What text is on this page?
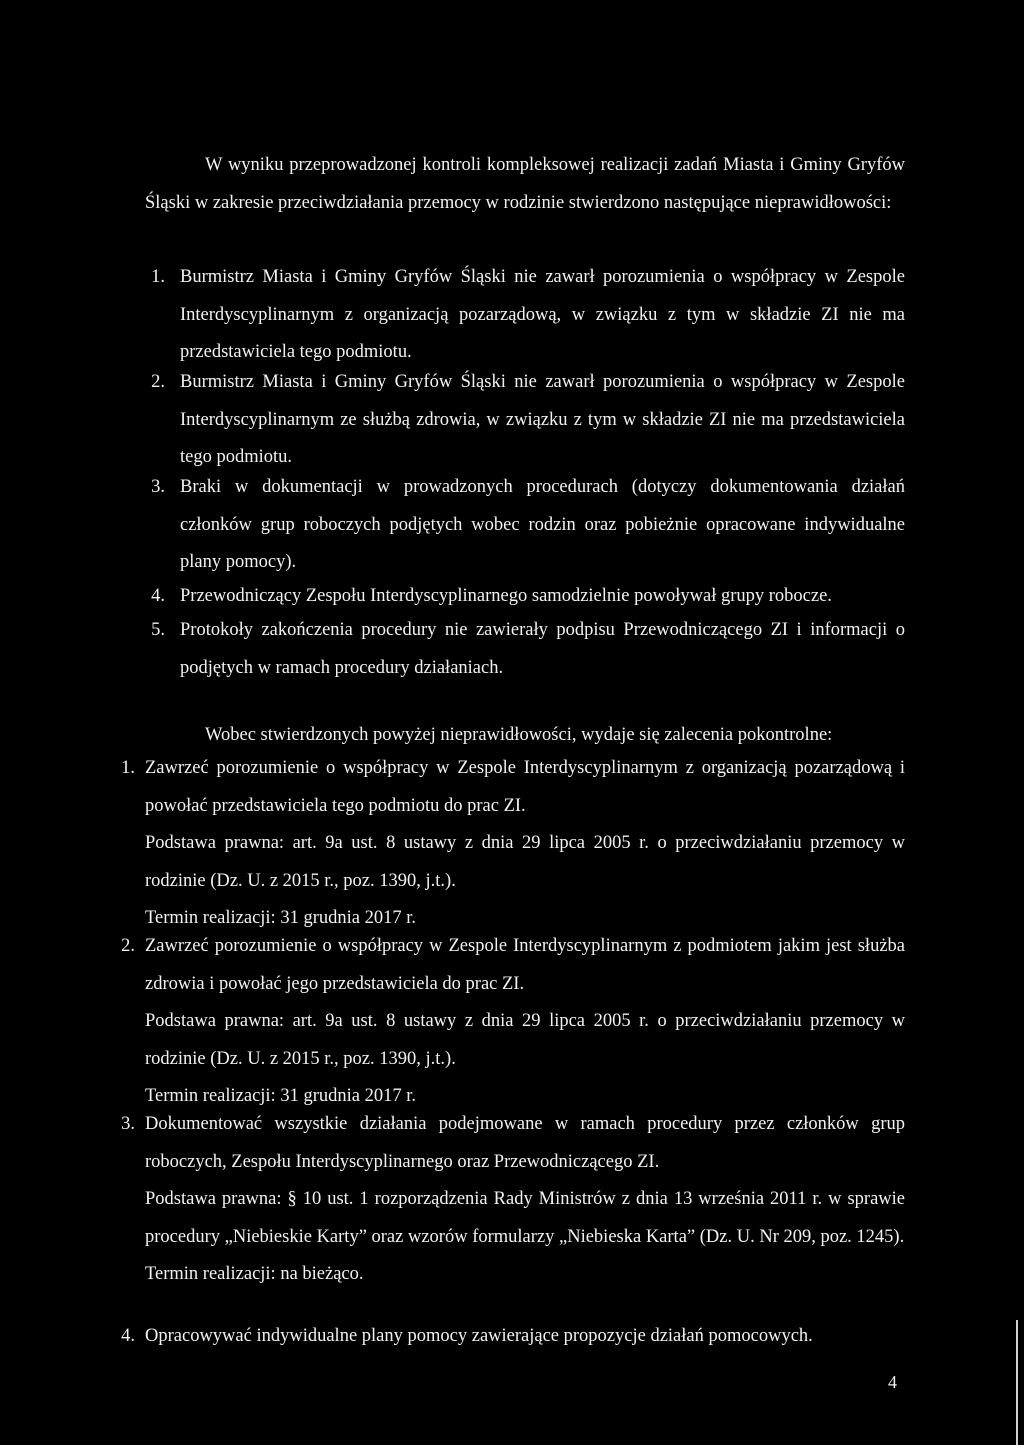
W wyniku przeprowadzonej kontroli kompleksowej realizacji zadań Miasta i Gminy Gryfów Śląski w zakresie przeciwdziałania przemocy w rodzinie stwierdzono następujące nieprawidłowości:

1. Burmistrz Miasta i Gminy Gryfów Śląski nie zawarł porozumienia o współpracy w Zespole Interdyscyplinarnym z organizacją pozarządową, w związku z tym w składzie ZI nie ma przedstawiciela tego podmiotu.
2. Burmistrz Miasta i Gminy Gryfów Śląski nie zawarł porozumienia o współpracy w Zespole Interdyscyplinarnym ze służbą zdrowia, w związku z tym w składzie ZI nie ma przedstawiciela tego podmiotu.
3. Braki w dokumentacji w prowadzonych procedurach (dotyczy dokumentowania działań członków grup roboczych podjętych wobec rodzin oraz pobieżnie opracowane indywidualne plany pomocy).
4. Przewodniczący Zespołu Interdyscyplinarnego samodzielnie powoływał grupy robocze.
5. Protokoły zakończenia procedury nie zawierały podpisu Przewodniczącego ZI i informacji o podjętych w ramach procedury działaniach.
Wobec stwierdzonych powyżej nieprawidłowości, wydaje się zalecenia pokontrolne:
1. Zawrzeć porozumienie o współpracy w Zespole Interdyscyplinarnym z organizacją pozarządową i powołać przedstawiciela tego podmiotu do prac ZI.
Podstawa prawna: art. 9a ust. 8 ustawy z dnia 29 lipca 2005 r. o przeciwdziałaniu przemocy w rodzinie (Dz. U. z 2015 r., poz. 1390, j.t.).
Termin realizacji: 31 grudnia 2017 r.
2. Zawrzeć porozumienie o współpracy w Zespole Interdyscyplinarnym z podmiotem jakim jest służba zdrowia i powołać jego przedstawiciela do prac ZI.
Podstawa prawna: art. 9a ust. 8 ustawy z dnia 29 lipca 2005 r. o przeciwdziałaniu przemocy w rodzinie (Dz. U. z 2015 r., poz. 1390, j.t.).
Termin realizacji: 31 grudnia 2017 r.
3. Dokumentować wszystkie działania podejmowane w ramach procedury przez członków grup roboczych, Zespołu Interdyscyplinarnego oraz Przewodniczącego ZI.
Podstawa prawna: § 10 ust. 1 rozporządzenia Rady Ministrów z dnia 13 września 2011 r. w sprawie procedury „Niebieskie Karty” oraz wzorów formularzy „Niebieska Karta” (Dz. U. Nr 209, poz. 1245).
Termin realizacji: na bieżąco.
4. Opracowywać indywidualne plany pomocy zawierające propozycje działań pomocowych.
4
